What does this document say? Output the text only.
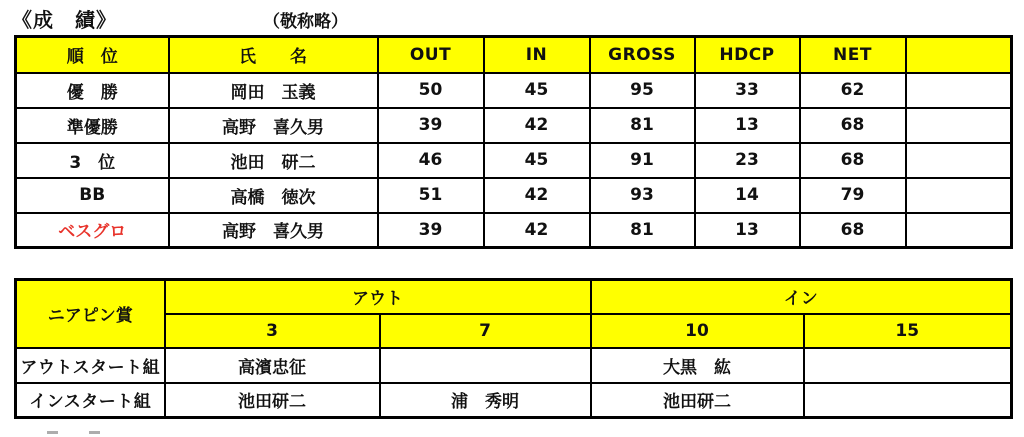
《成　績》	（敬称略）
順　位	氏　　名	OUT	IN	GROSS	HDCP	NET	
優　勝	岡田　玉義	50	45	95	33	62	
準優勝	高野　喜久男	39	42	81	13	68	
3　位	池田　研二	46	45	91	23	68	
BB	高橋　徳次	51	42	93	14	79	
ベスグロ	高野　喜久男	39	42	81	13	68	
ニアピン賞	アウト		イン	
	3	7	10	15
アウトスタート組	高濱忠征		大黒　紘	
インスタート組	池田研二	浦　秀明	池田研二	
